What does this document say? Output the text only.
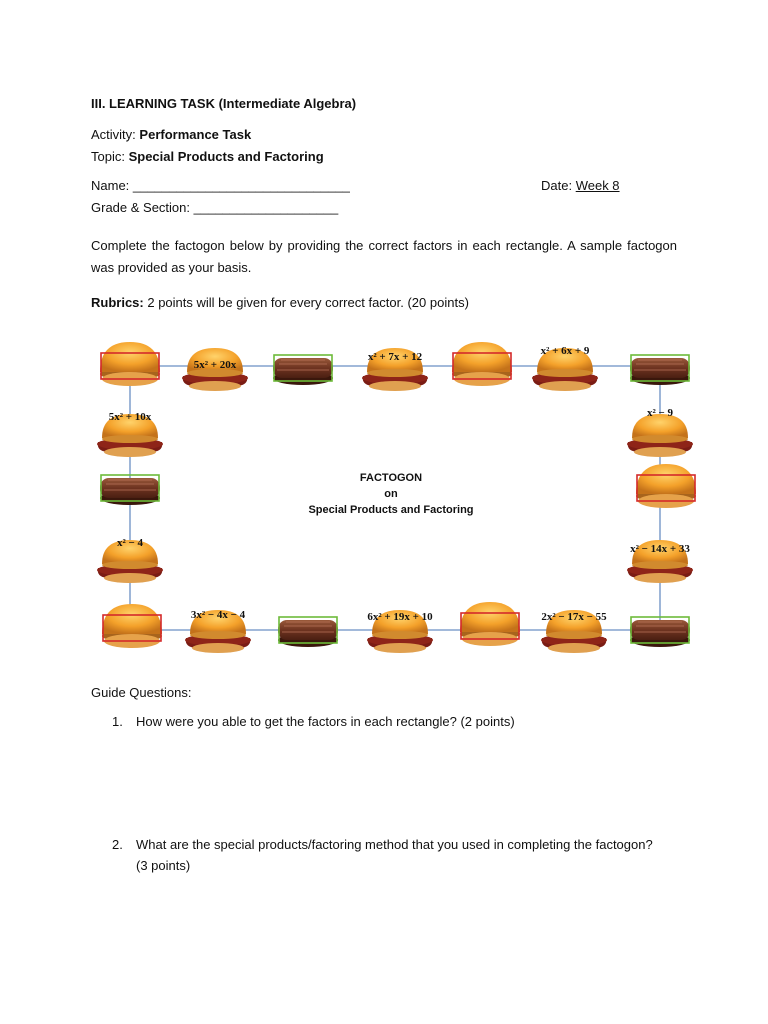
III. LEARNING TASK (Intermediate Algebra)
Activity: Performance Task
Topic: Special Products and Factoring
Name: ______________________________	Date: Week 8
Grade & Section: ____________________
Complete the factogon below by providing the correct factors in each rectangle. A sample factogon was provided as your basis.
Rubrics: 2 points will be given for every correct factor. (20 points)
5x² + 20x
x² + 7x + 12	x² + 6x + 9
5x² + 10x
x² − 4
x² − 9
x² − 14x + 33
3x² − 4x − 4	6x² + 19x + 10	2x² − 17x − 55
FACTOGON
on
Special Products and Factoring
Guide Questions:
1. How were you able to get the factors in each rectangle? (2 points)
2. What are the special products/factoring method that you used in completing the factogon? (3 points)
